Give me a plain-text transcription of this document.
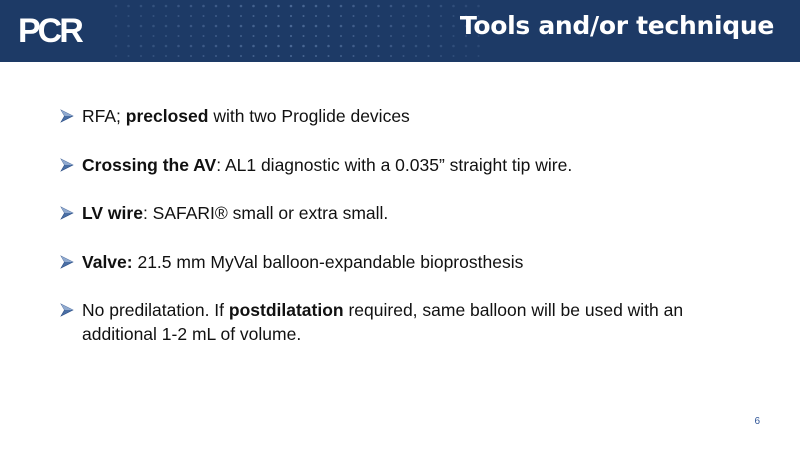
PCR	Tools and/or technique
RFA; preclosed with two Proglide devices
Crossing the AV: AL1 diagnostic with a 0.035” straight tip wire.
LV wire: SAFARI® small or extra small.
Valve: 21.5 mm MyVal balloon-expandable bioprosthesis
No predilatation. If postdilatation required, same balloon will be used with an additional 1-2 mL of volume.
6
